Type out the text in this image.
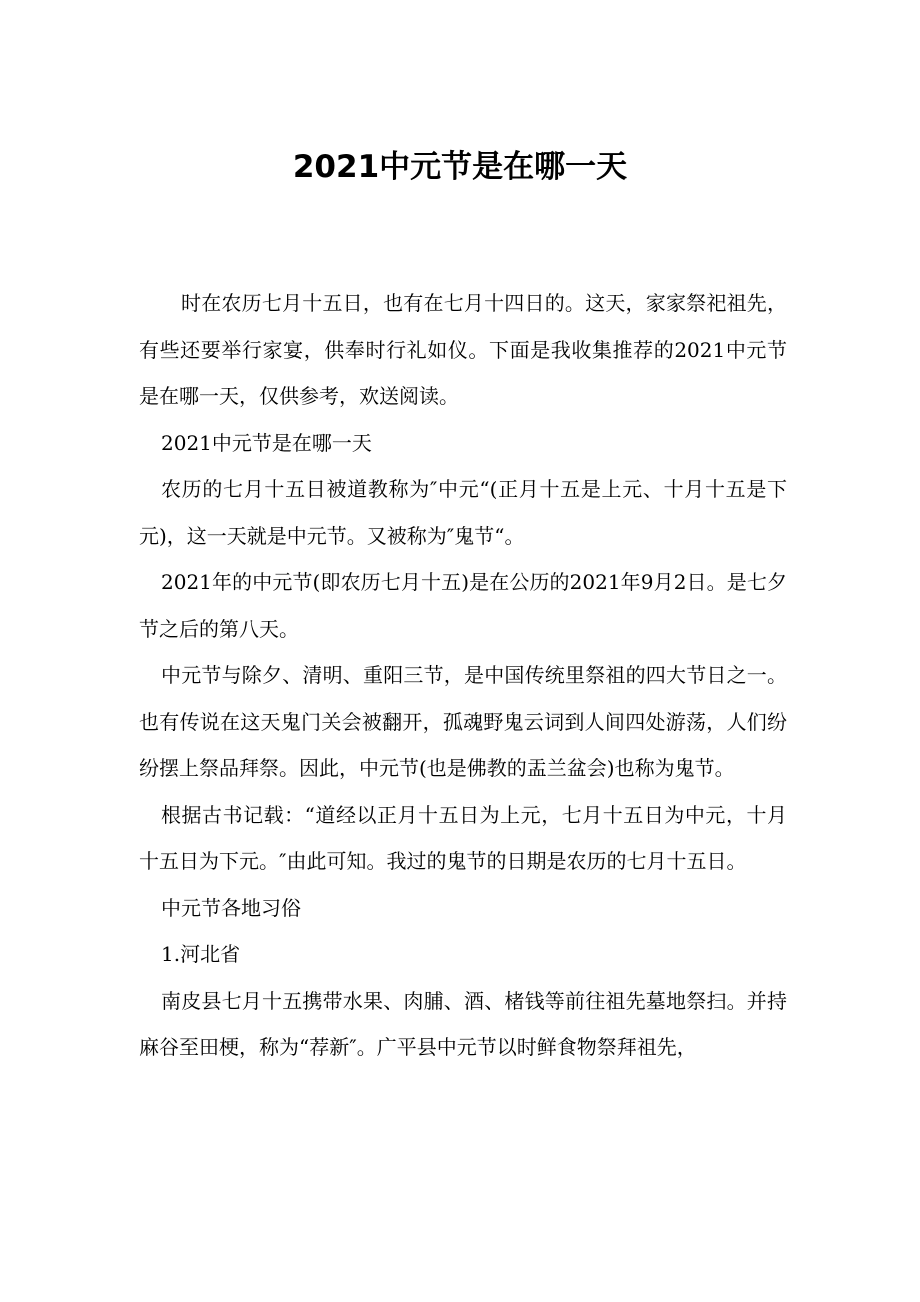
2021中元节是在哪一天

时在农历七月十五日，也有在七月十四日的。这天，家家祭祀祖先，有些还要举行家宴，供奉时行礼如仪。下面是我收集推荐的2021中元节是在哪一天，仅供参考，欢送阅读。

2021中元节是在哪一天

农历的七月十五日被道教称为″中元“(正月十五是上元、十月十五是下元)，这一天就是中元节。又被称为″鬼节“。

2021年的中元节(即农历七月十五)是在公历的2021年9月2日。是七夕节之后的第八天。

中元节与除夕、清明、重阳三节，是中国传统里祭祖的四大节日之一。也有传说在这天鬼门关会被翻开，孤魂野鬼云词到人间四处游荡，人们纷纷摆上祭品拜祭。因此，中元节(也是佛教的盂兰盆会)也称为鬼节。

根据古书记载：“道经以正月十五日为上元，七月十五日为中元，十月十五日为下元。″由此可知。我过的鬼节的日期是农历的七月十五日。

中元节各地习俗

1.河北省

南皮县七月十五携带水果、肉脯、酒、楮钱等前往祖先墓地祭扫。并持麻谷至田梗，称为“荐新″。广平县中元节以时鲜食物祭拜祖先，
